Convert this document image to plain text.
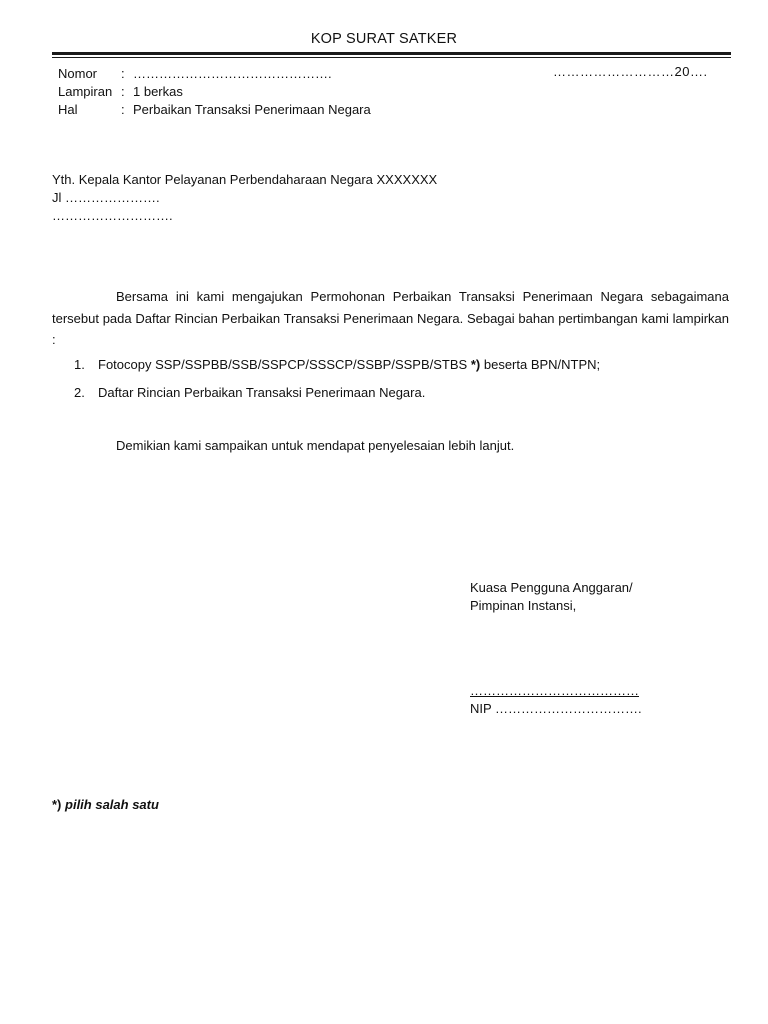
KOP SURAT SATKER
Nomor : ……………………………………….
Lampiran : 1 berkas
Hal	: Perbaikan Transaksi Penerimaan Negara
………………………20….
Yth. Kepala Kantor Pelayanan Perbendaharaan Negara XXXXXXX
Jl ………………….
……………………….

Bersama ini kami mengajukan Permohonan Perbaikan Transaksi Penerimaan Negara sebagaimana tersebut pada Daftar Rincian Perbaikan Transaksi Penerimaan Negara. Sebagai bahan pertimbangan kami lampirkan :

1. Fotocopy SSP/SSPBB/SSB/SSPCP/SSSCP/SSBP/SSPB/STBS *) beserta BPN/NTPN;
2. Daftar Rincian Perbaikan Transaksi Penerimaan Negara.
Demikian kami sampaikan untuk mendapat penyelesaian lebih lanjut.
Kuasa Pengguna Anggaran/
Pimpinan Instansi,
…………………………………
NIP …………………………….
*) pilih salah satu
